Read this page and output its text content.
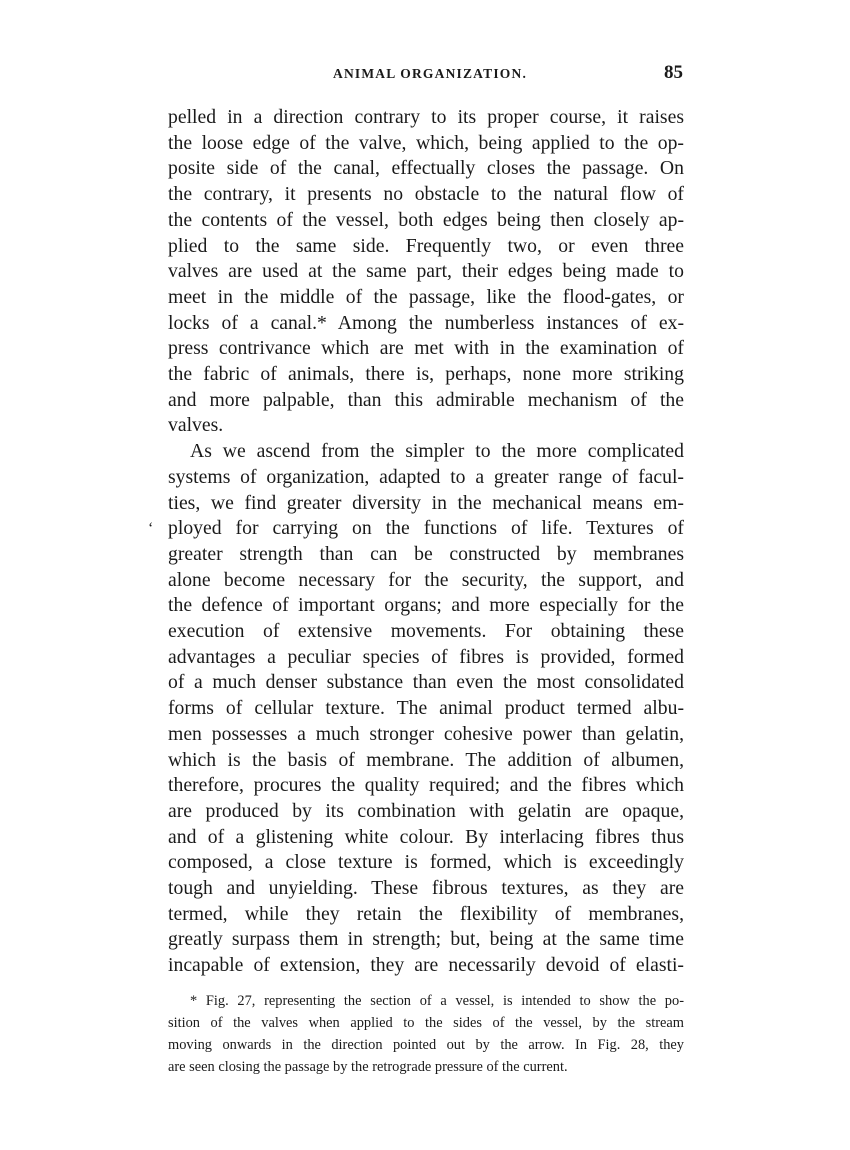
ANIMAL ORGANIZATION.	85
‘
pelled in a direction contrary to its proper course, it raises
the loose edge of the valve, which, being applied to the op-
posite side of the canal, effectually closes the passage. On
the contrary, it presents no obstacle to the natural flow of
the contents of the vessel, both edges being then closely ap-
plied to the same side. Frequently two, or even three
valves are used at the same part, their edges being made to
meet in the middle of the passage, like the flood-gates, or
locks of a canal.* Among the numberless instances of ex-
press contrivance which are met with in the examination of
the fabric of animals, there is, perhaps, none more striking
and more palpable, than this admirable mechanism of the
valves.
As we ascend from the simpler to the more complicated
systems of organization, adapted to a greater range of facul-
ties, we find greater diversity in the mechanical means em-
ployed for carrying on the functions of life. Textures of
greater strength than can be constructed by membranes
alone become necessary for the security, the support, and
the defence of important organs; and more especially for the
execution of extensive movements. For obtaining these
advantages a peculiar species of fibres is provided, formed
of a much denser substance than even the most consolidated
forms of cellular texture. The animal product termed albu-
men possesses a much stronger cohesive power than gelatin,
which is the basis of membrane. The addition of albumen,
therefore, procures the quality required; and the fibres which
are produced by its combination with gelatin are opaque,
and of a glistening white colour. By interlacing fibres thus
composed, a close texture is formed, which is exceedingly
tough and unyielding. These fibrous textures, as they are
termed, while they retain the flexibility of membranes,
greatly surpass them in strength; but, being at the same time
incapable of extension, they are necessarily devoid of elasti-
* Fig. 27, representing the section of a vessel, is intended to show the po-
sition of the valves when applied to the sides of the vessel, by the stream
moving onwards in the direction pointed out by the arrow. In Fig. 28, they
are seen closing the passage by the retrograde pressure of the current.
